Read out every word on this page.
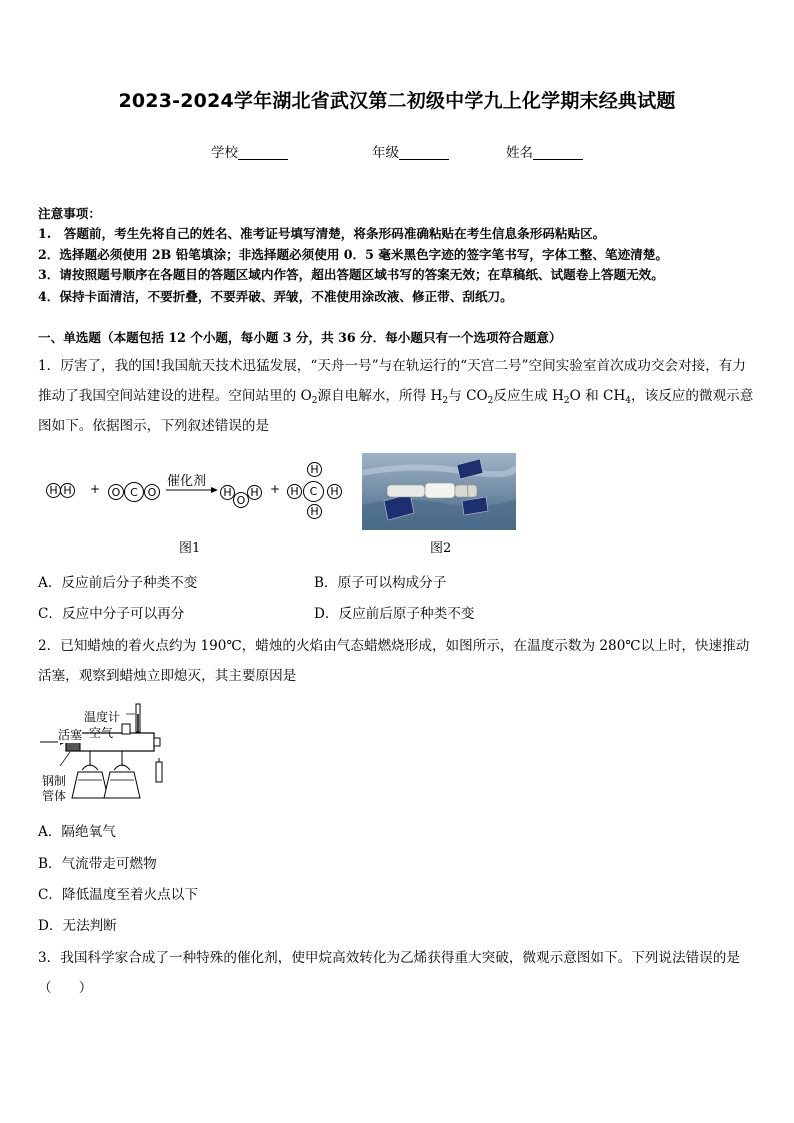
2023-2024学年湖北省武汉第二初级中学九上化学期末经典试题
学校	年级	姓名
注意事项：
1.　答题前，考生先将自己的姓名、准考证号填写清楚，将条形码准确粘贴在考生信息条形码粘贴区。
2．选择题必须使用 2B 铅笔填涂；非选择题必须使用 0．5 毫米黑色字迹的签字笔书写，字体工整、笔迹清楚。
3．请按照题号顺序在各题目的答题区域内作答，超出答题区域书写的答案无效；在草稿纸、试题卷上答题无效。
4．保持卡面清洁，不要折叠，不要弄破、弄皱，不准使用涂改液、修正带、刮纸刀。
一、单选题（本题包括 12 个小题，每小题 3 分，共 36 分．每小题只有一个选项符合题意）
1．厉害了，我的国!我国航天技术迅猛发展，“天舟一号”与在轨运行的“天宫二号”空间实验室首次成功交会对接，有力
推动了我国空间站建设的进程。空间站里的 $O_2$源自电解水，所得 $H_2$与 $CO_2$反应生成 $H_2O$ 和 $CH_4$，该反应的微观示意
图如下。依据图示，下列叙述错误的是
H H +	O C O
催化剂
→ H
O
H +
H
H	C	H
H
图1	图2
A．反应前后分子种类不变	B．原子可以构成分子
C．反应中分子可以再分	D．反应前后原子种类不变
2．已知蜡烛的着火点约为 190℃，蜡烛的火焰由气态蜡燃烧形成，如图所示，在温度示数为 280℃以上时，快速推动
活塞，观察到蜡烛立即熄灭，其主要原因是
温度计
活塞 空气
钢制
管体
A．隔绝氧气
B．气流带走可燃物
C．降低温度至着火点以下
D．无法判断
3．我国科学家合成了一种特殊的催化剂，使甲烷高效转化为乙烯获得重大突破，微观示意图如下。下列说法错误的是
（　　）
